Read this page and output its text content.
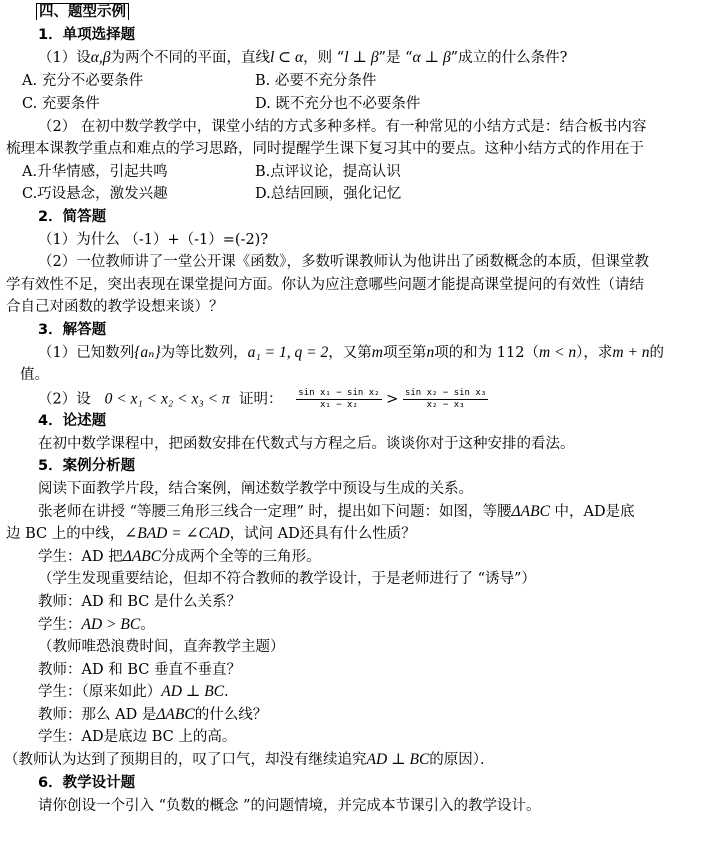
四、题型示例
1．单项选择题
（1）设α,β为两个不同的平面，直线l ⊂ α，则 “l ⊥ β”是 “α ⊥ β”成立的什么条件?
A. 充分不必要条件	B. 必要不充分条件
C. 充要条件	D. 既不充分也不必要条件
（2） 在初中数学教学中，课堂小结的方式多种多样。有一种常见的小结方式是：结合板书内容
梳理本课教学重点和难点的学习思路，同时提醒学生课下复习其中的要点。这种小结方式的作用在于
A.升华情感，引起共鸣	B.点评议论，提高认识
C.巧设悬念，激发兴趣	D.总结回顾，强化记忆
2．简答题
（1）为什么 （-1）+（-1）=(-2)?
（2）一位教师讲了一堂公开课《函数》，多数听课教师认为他讲出了函数概念的本质，但课堂教
学有效性不足，突出表现在课堂提问方面。你认为应注意哪些问题才能提高课堂提问的有效性（请结
合自己对函数的教学设想来谈）？
3．解答题
（1）已知数列{aₙ}为等比数列，a₁ = 1, q = 2，又第m项至第n项的和为 112（m < n），求m + n的
值。
（2）设 0 < x₁ < x₂ < x₃ < π 证明： $\frac{\text{sin x₁ − sin x₂}}{\text{x₁ − x₂}} > \frac{\text{sin x₂ − sin x₃}}{\text{x₂ − x₃}}$
4．论述题
在初中数学课程中，把函数安排在代数式与方程之后。谈谈你对于这种安排的看法。
5．案例分析题
阅读下面教学片段，结合案例，阐述数学教学中预设与生成的关系。
张老师在讲授 “等腰三角形三线合一定理” 时，提出如下问题：如图，等腰ΔABC 中，AD是底
边 BC 上的中线，∠BAD = ∠CAD，试问 AD还具有什么性质？
学生：AD 把ΔABC分成两个全等的三角形。
（学生发现重要结论，但却不符合教师的教学设计，于是老师进行了 “诱导”）
教师：AD 和 BC 是什么关系？
学生：AD > BC。
（教师唯恐浪费时间，直奔教学主题）
教师：AD 和 BC 垂直不垂直？
学生：（原来如此）AD ⊥ BC.
教师：那么 AD 是ΔABC的什么线？
学生：AD是底边 BC 上的高。
（教师认为达到了预期目的，叹了口气，却没有继续追究AD ⊥ BC的原因）．
6．教学设计题
请你创设一个引入 “负数的概念 ”的问题情境，并完成本节课引入的教学设计。
